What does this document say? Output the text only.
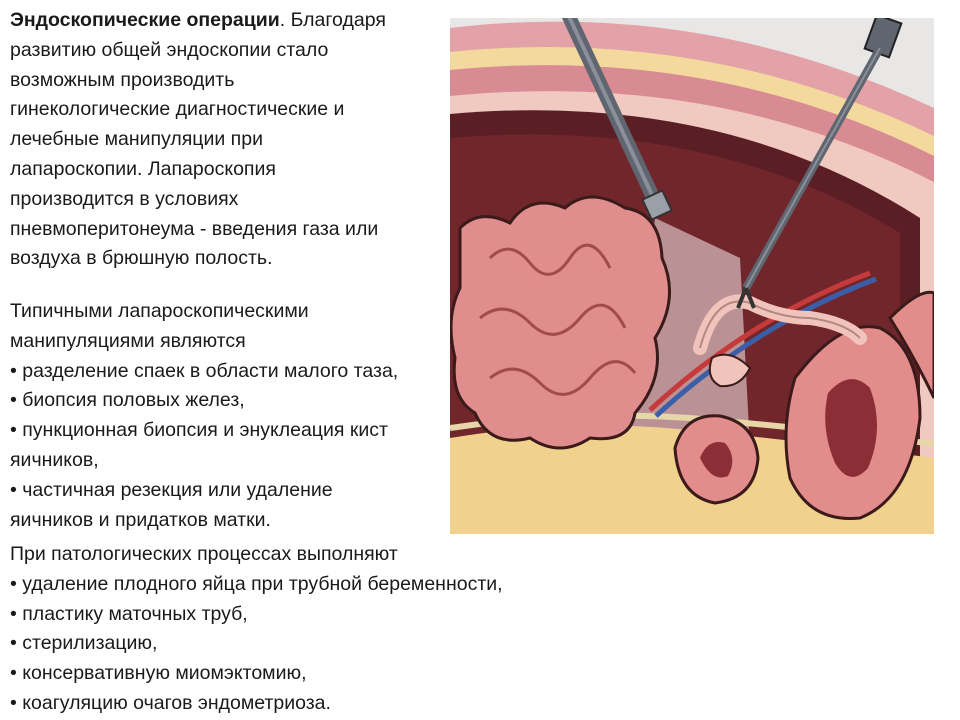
Эндоскопические операции. Благодаря
развитию общей эндоскопии стало
возможным производить
гинекологические диагностические и
лечебные манипуляции при
лапароскопии. Лапароскопия
производится в условиях
пневмоперитонеума - введения газа или
воздуха в брюшную полость.
Типичными лапароскопическими
манипуляциями являются
• разделение спаек в области малого таза,
• биопсия половых желез,
• пункционная биопсия и энуклеация кист
яичников,
• частичная резекция или удаление
яичников и придатков матки.
При патологических процессах выполняют
• удаление плодного яйца при трубной беременности,
• пластику маточных труб,
• стерилизацию,
• консервативную миомэктомию,
• коагуляцию очагов эндометриоза.
